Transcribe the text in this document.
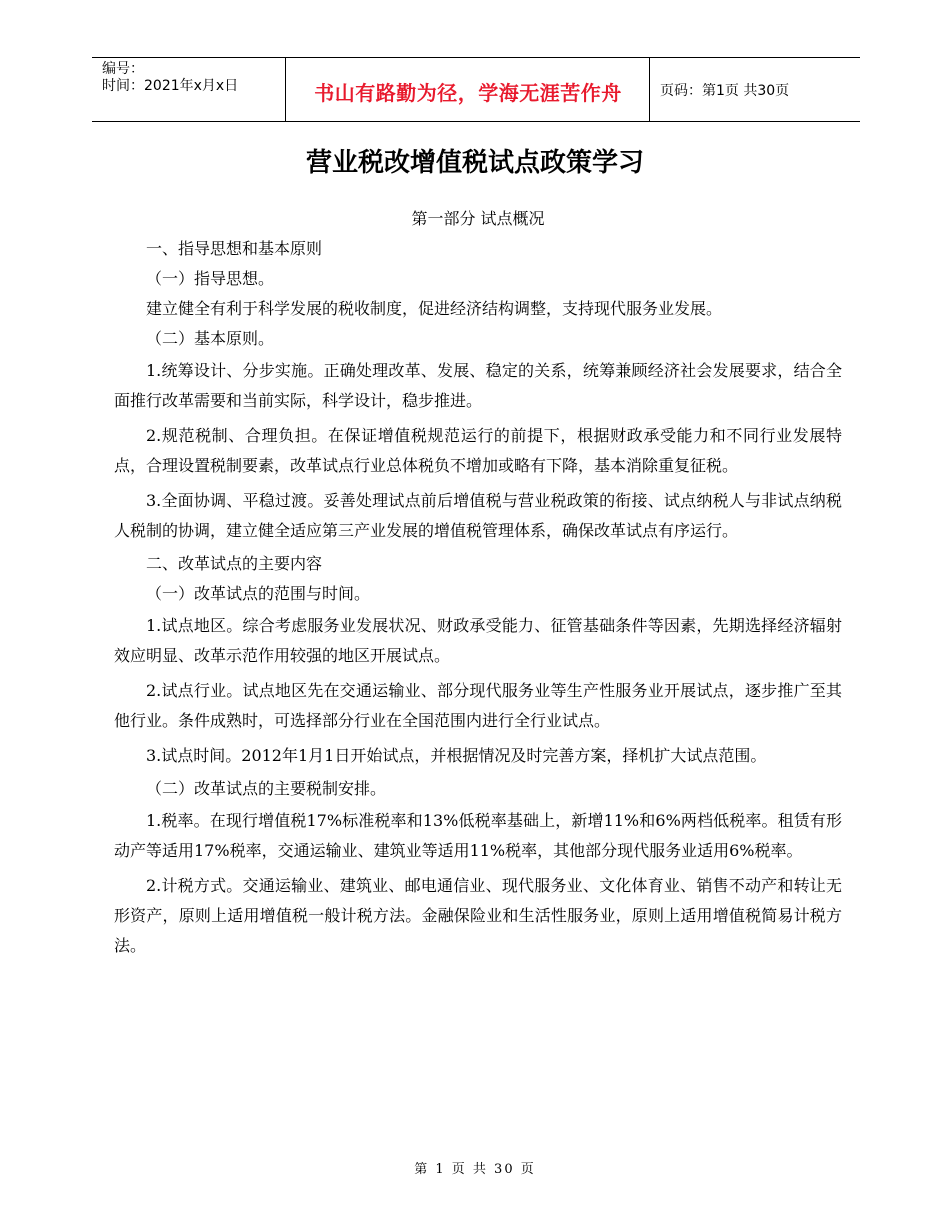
编号：
时间：2021年x月x日	书山有路勤为径，学海无涯苦作舟	页码：第1页 共30页
营业税改增值税试点政策学习
第一部分 试点概况
一、指导思想和基本原则
（一）指导思想。
建立健全有利于科学发展的税收制度，促进经济结构调整，支持现代服务业发展。
（二）基本原则。

1.统筹设计、分步实施。正确处理改革、发展、稳定的关系，统筹兼顾经济社会发展要求，结合全面推行改革需要和当前实际，科学设计，稳步推进。

2.规范税制、合理负担。在保证增值税规范运行的前提下，根据财政承受能力和不同行业发展特点，合理设置税制要素，改革试点行业总体税负不增加或略有下降，基本消除重复征税。

3.全面协调、平稳过渡。妥善处理试点前后增值税与营业税政策的衔接、试点纳税人与非试点纳税人税制的协调，建立健全适应第三产业发展的增值税管理体系，确保改革试点有序运行。

二、改革试点的主要内容
（一）改革试点的范围与时间。

1.试点地区。综合考虑服务业发展状况、财政承受能力、征管基础条件等因素，先期选择经济辐射效应明显、改革示范作用较强的地区开展试点。

2.试点行业。试点地区先在交通运输业、部分现代服务业等生产性服务业开展试点，逐步推广至其他行业。条件成熟时，可选择部分行业在全国范围内进行全行业试点。

3.试点时间。2012年1月1日开始试点，并根据情况及时完善方案，择机扩大试点范围。

（二）改革试点的主要税制安排。

1.税率。在现行增值税17%标准税率和13%低税率基础上，新增11%和6%两档低税率。租赁有形动产等适用17%税率，交通运输业、建筑业等适用11%税率，其他部分现代服务业适用6%税率。

2.计税方式。交通运输业、建筑业、邮电通信业、现代服务业、文化体育业、销售不动产和转让无形资产，原则上适用增值税一般计税方法。金融保险业和生活性服务业，原则上适用增值税简易计税方法。

第 1 页 共 30 页
